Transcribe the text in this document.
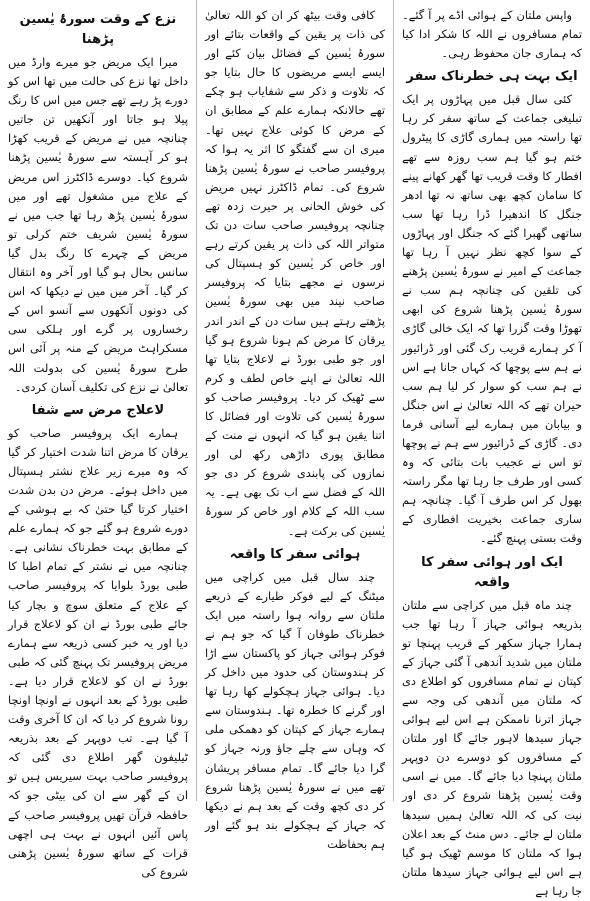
نزع کے وقت سورۂ یٰسین پڑھنا

میرا ایک مریض جو میرے وارڈ میں داخل تھا نزع کی حالت میں تھا اس کو دورے پڑ رہے تھے جس میں اس کا رنگ پیلا ہو جاتا اور آنکھیں تن جاتیں چنانچہ میں نے مریض کے قریب کھڑا ہو کر آہستہ سے سورۂ یٰسین پڑھنا شروع کیا۔ دوسرے ڈاکٹرز اس مریض کے علاج میں مشغول تھے اور میں سورۂ یٰسین پڑھ رہا تھا جب میں نے سورۂ یٰسین شریف ختم کرلی تو مریض کے چہرے کا رنگ بدل گیا سانس بحال ہو گیا اور آخر وہ انتقال کر گیا۔ آخر میں میں نے دیکھا کہ اس کی دونوں آنکھوں سے آنسو اس کے رخساروں پر گرے اور ہلکی سی مسکراہٹ مریض کے منہ پر آئی اس طرح سورۂ یٰسین کی بدولت اللہ تعالیٰ نے نزع کی تکلیف آسان کردی۔

لاعلاج مرض سے شفا

ہمارے ایک پروفیسر صاحب کو یرقان کا مرض اتنا شدت اختیار کر گیا کہ وہ میرے زیر علاج نشتر ہسپتال میں داخل ہوئے۔ مرض دن بدن شدت اختیار کرتا گیا حتیٰ کہ بے ہوشی کے دورے شروع ہو گئے جو کہ ہمارے علم کے مطابق بہت خطرناک نشانی ہے۔ چنانچہ میں نے نشتر کے تمام اطبا کا طبی بورڈ بلوایا کہ پروفیسر صاحب کے علاج کے متعلق سوچ و بچار کیا جائے طبی بورڈ نے ان کو لاعلاج قرار دیا اور یہ خبر کسی ذریعہ سے ہمارے مریض پروفیسر تک پہنچ گئی کہ طبی بورڈ نے ان کو لاعلاج قرار دیا ہے۔ طبی بورڈ کے بعد انہوں نے اونچا اونچا رونا شروع کر دیا کہ ان کا آخری وقت آ گیا ہے۔ تب دوپہر کے بعد بذریعہ ٹیلیفون گھر اطلاع دی گئی کہ پروفیسر صاحب بہت سیریس ہیں تو ان کے گھر سے ان کی بیٹی جو کہ حافظہ قرآن تھیں پروفیسر صاحب کے پاس آئیں انہوں نے بہت ہی اچھی قرات کے ساتھ سورۂ یٰسین پڑھنی شروع کی

کافی وقت بیٹھ کر ان کو اللہ تعالیٰ کی ذات پر یقین کے واقعات بتائے اور سورۂ یٰسین کے فضائل بیان کئے اور ایسے ایسے مریضوں کا حال بتایا جو کہ تلاوت و ذکر سے شفایاب ہو چکے تھے حالانکہ ہمارے علم کے مطابق ان کے مرض کا کوئی علاج نہیں تھا۔ میری ان سے گفتگو کا اثر یہ ہوا کہ پروفیسر صاحب نے سورۂ یٰسین پڑھنا شروع کی۔ تمام ڈاکٹرز نہیں مریض کی خوش الحانی پر حیرت زدہ تھے چنانچہ پروفیسر صاحب سات دن تک متواتر اللہ کی ذات پر یقین کرتے رہے اور خاص کر یٰسین کو ہسپتال کی نرسوں نے مجھے بتایا کہ پروفیسر صاحب نیند میں بھی سورۂ یٰسین پڑھتے رہتے ہیں سات دن کے اندر اندر یرقان کا مرض کم ہونا شروع ہو گیا اور جو طبی بورڈ نے لاعلاج بتایا تھا اللہ تعالیٰ نے اپنے خاص لطف و کرم سے ٹھیک کر دیا۔ پروفیسر صاحب کو سورۂ یٰسین کی تلاوت اور فضائل کا اتنا یقین ہو گیا کہ انہوں نے منت کے مطابق پوری داڑھی رکھ لی اور نمازوں کی پابندی شروع کر دی جو اللہ کے فضل سے اب تک بھی ہے۔ یہ سب اللہ کے کلام اور خاص کر سورۂ یٰسین کی برکت ہے۔

ہوائی سفر کا واقعہ

چند سال قبل میں کراچی میں میٹنگ کے لیے فوکر طیارے کے ذریعے ملتان سے روانہ ہوا راستہ میں ایک خطرناک طوفان آ گیا کہ جو ہم نے فوکر ہوائی جہاز کو پاکستان سے اڑا کر ہندوستان کی حدود میں داخل کر دیا۔ ہوائی جہاز ہچکولے کھا رہا تھا اور گرنے کا خطرہ تھا۔ ہندوستان سے ہمارے جہاز کے کپتان کو دھمکی ملی کہ وہاں سے چلے جاؤ ورنہ جہاز کو گرا دیا جائے گا۔ تمام مسافر پریشان تھے میں نے سورۂ یٰسین پڑھنا شروع کر دی کچھ وقت کے بعد ہم نے دیکھا کہ جہاز کے ہچکولے بند ہو گئے اور ہم بحفاظت

واپس ملتان کے ہوائی اڈے پر آ گئے۔ تمام مسافروں نے اللہ کا شکر ادا کیا کہ ہماری جان محفوظ رہی۔

ایک بہت ہی خطرناک سفر

کئی سال قبل میں پہاڑوں پر ایک تبلیغی جماعت کے ساتھ سفر کر رہا تھا راستہ میں ہماری گاڑی کا پیٹرول ختم ہو گیا ہم سب روزہ سے تھے افطار کا وقت قریب تھا گھر کھانے پینے کا سامان کچھ بھی ساتھ نہ تھا ادھر جنگل کا اندھیرا ڈرا رہا تھا سب ساتھی گھبرا گئے کہ جنگل اور پہاڑوں کے سوا کچھ نظر نہیں آ رہا تھا جماعت کے امیر نے سورۂ یٰسین پڑھنے کی تلقین کی چنانچہ ہم سب نے سورۂ یٰسین پڑھنا شروع کی ابھی تھوڑا وقت گزرا تھا کہ ایک خالی گاڑی آ کر ہمارے قریب رک گئی اور ڈرائیور نے ہم سے پوچھا کہ کہاں جانا ہے اس نے ہم سب کو سوار کر لیا ہم سب حیران تھے کہ اللہ تعالیٰ نے اس جنگل و بیابان میں ہمارے لیے آسانی فرما دی۔ گاڑی کے ڈرائیور سے ہم نے پوچھا تو اس نے عجیب بات بتائی کہ وہ کسی اور طرف جا رہا تھا مگر راستہ بھول کر اس طرف آ گیا۔ چنانچہ ہم ساری جماعت بخیریت افطاری کے وقت بستی پہنچ گئے۔

ایک اور ہوائی سفر کا واقعہ

چند ماہ قبل میں کراچی سے ملتان بذریعہ ہوائی جہاز آ رہا تھا جب ہمارا جہاز سکھر کے قریب پہنچا تو ملتان میں شدید آندھی آ گئی جہاز کے کپتان نے تمام مسافروں کو اطلاع دی کہ ملتان میں آندھی کی وجہ سے جہاز اترنا ناممکن ہے اس لیے ہوائی جہاز سیدھا لاہور جائے گا اور ملتان کے مسافروں کو دوسرے دن دوپہر ملتان پہنچا دیا جائے گا۔ میں نے اسی وقت یٰسین پڑھنا شروع کر دی اور نیت کی کہ اللہ تعالیٰ ہمیں سیدھا ملتان لے جائے۔ دس منٹ کے بعد اعلان ہوا کہ ملتان کا موسم ٹھیک ہو گیا ہے اس لیے ہوائی جہاز سیدھا ملتان جا رہا ہے
